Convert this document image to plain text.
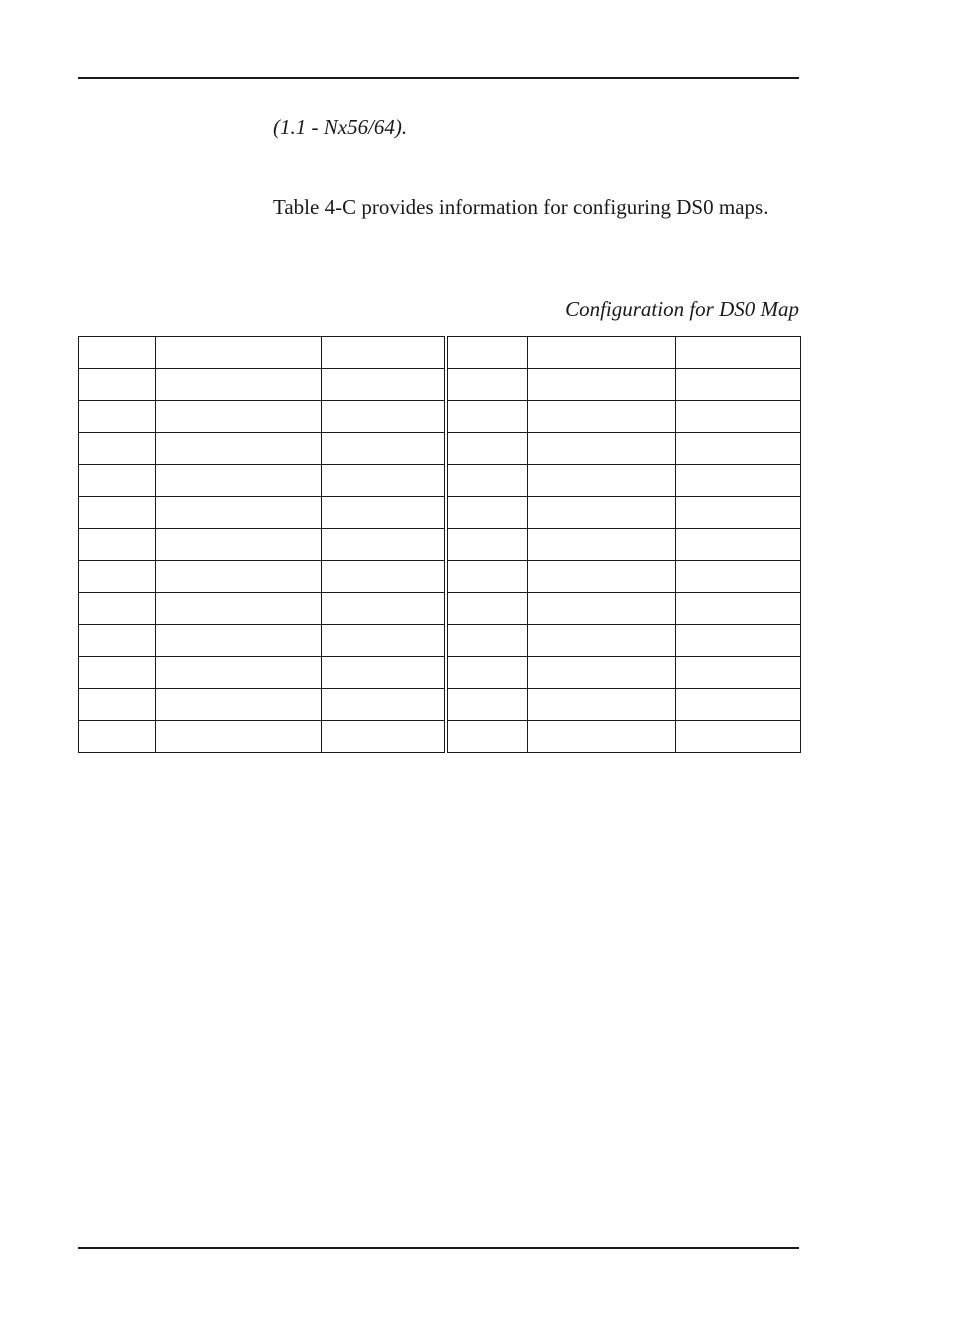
(1.1 - Nx56/64).
Table 4-C provides information for configuring DS0 maps.
Configuration for DS0 Map
